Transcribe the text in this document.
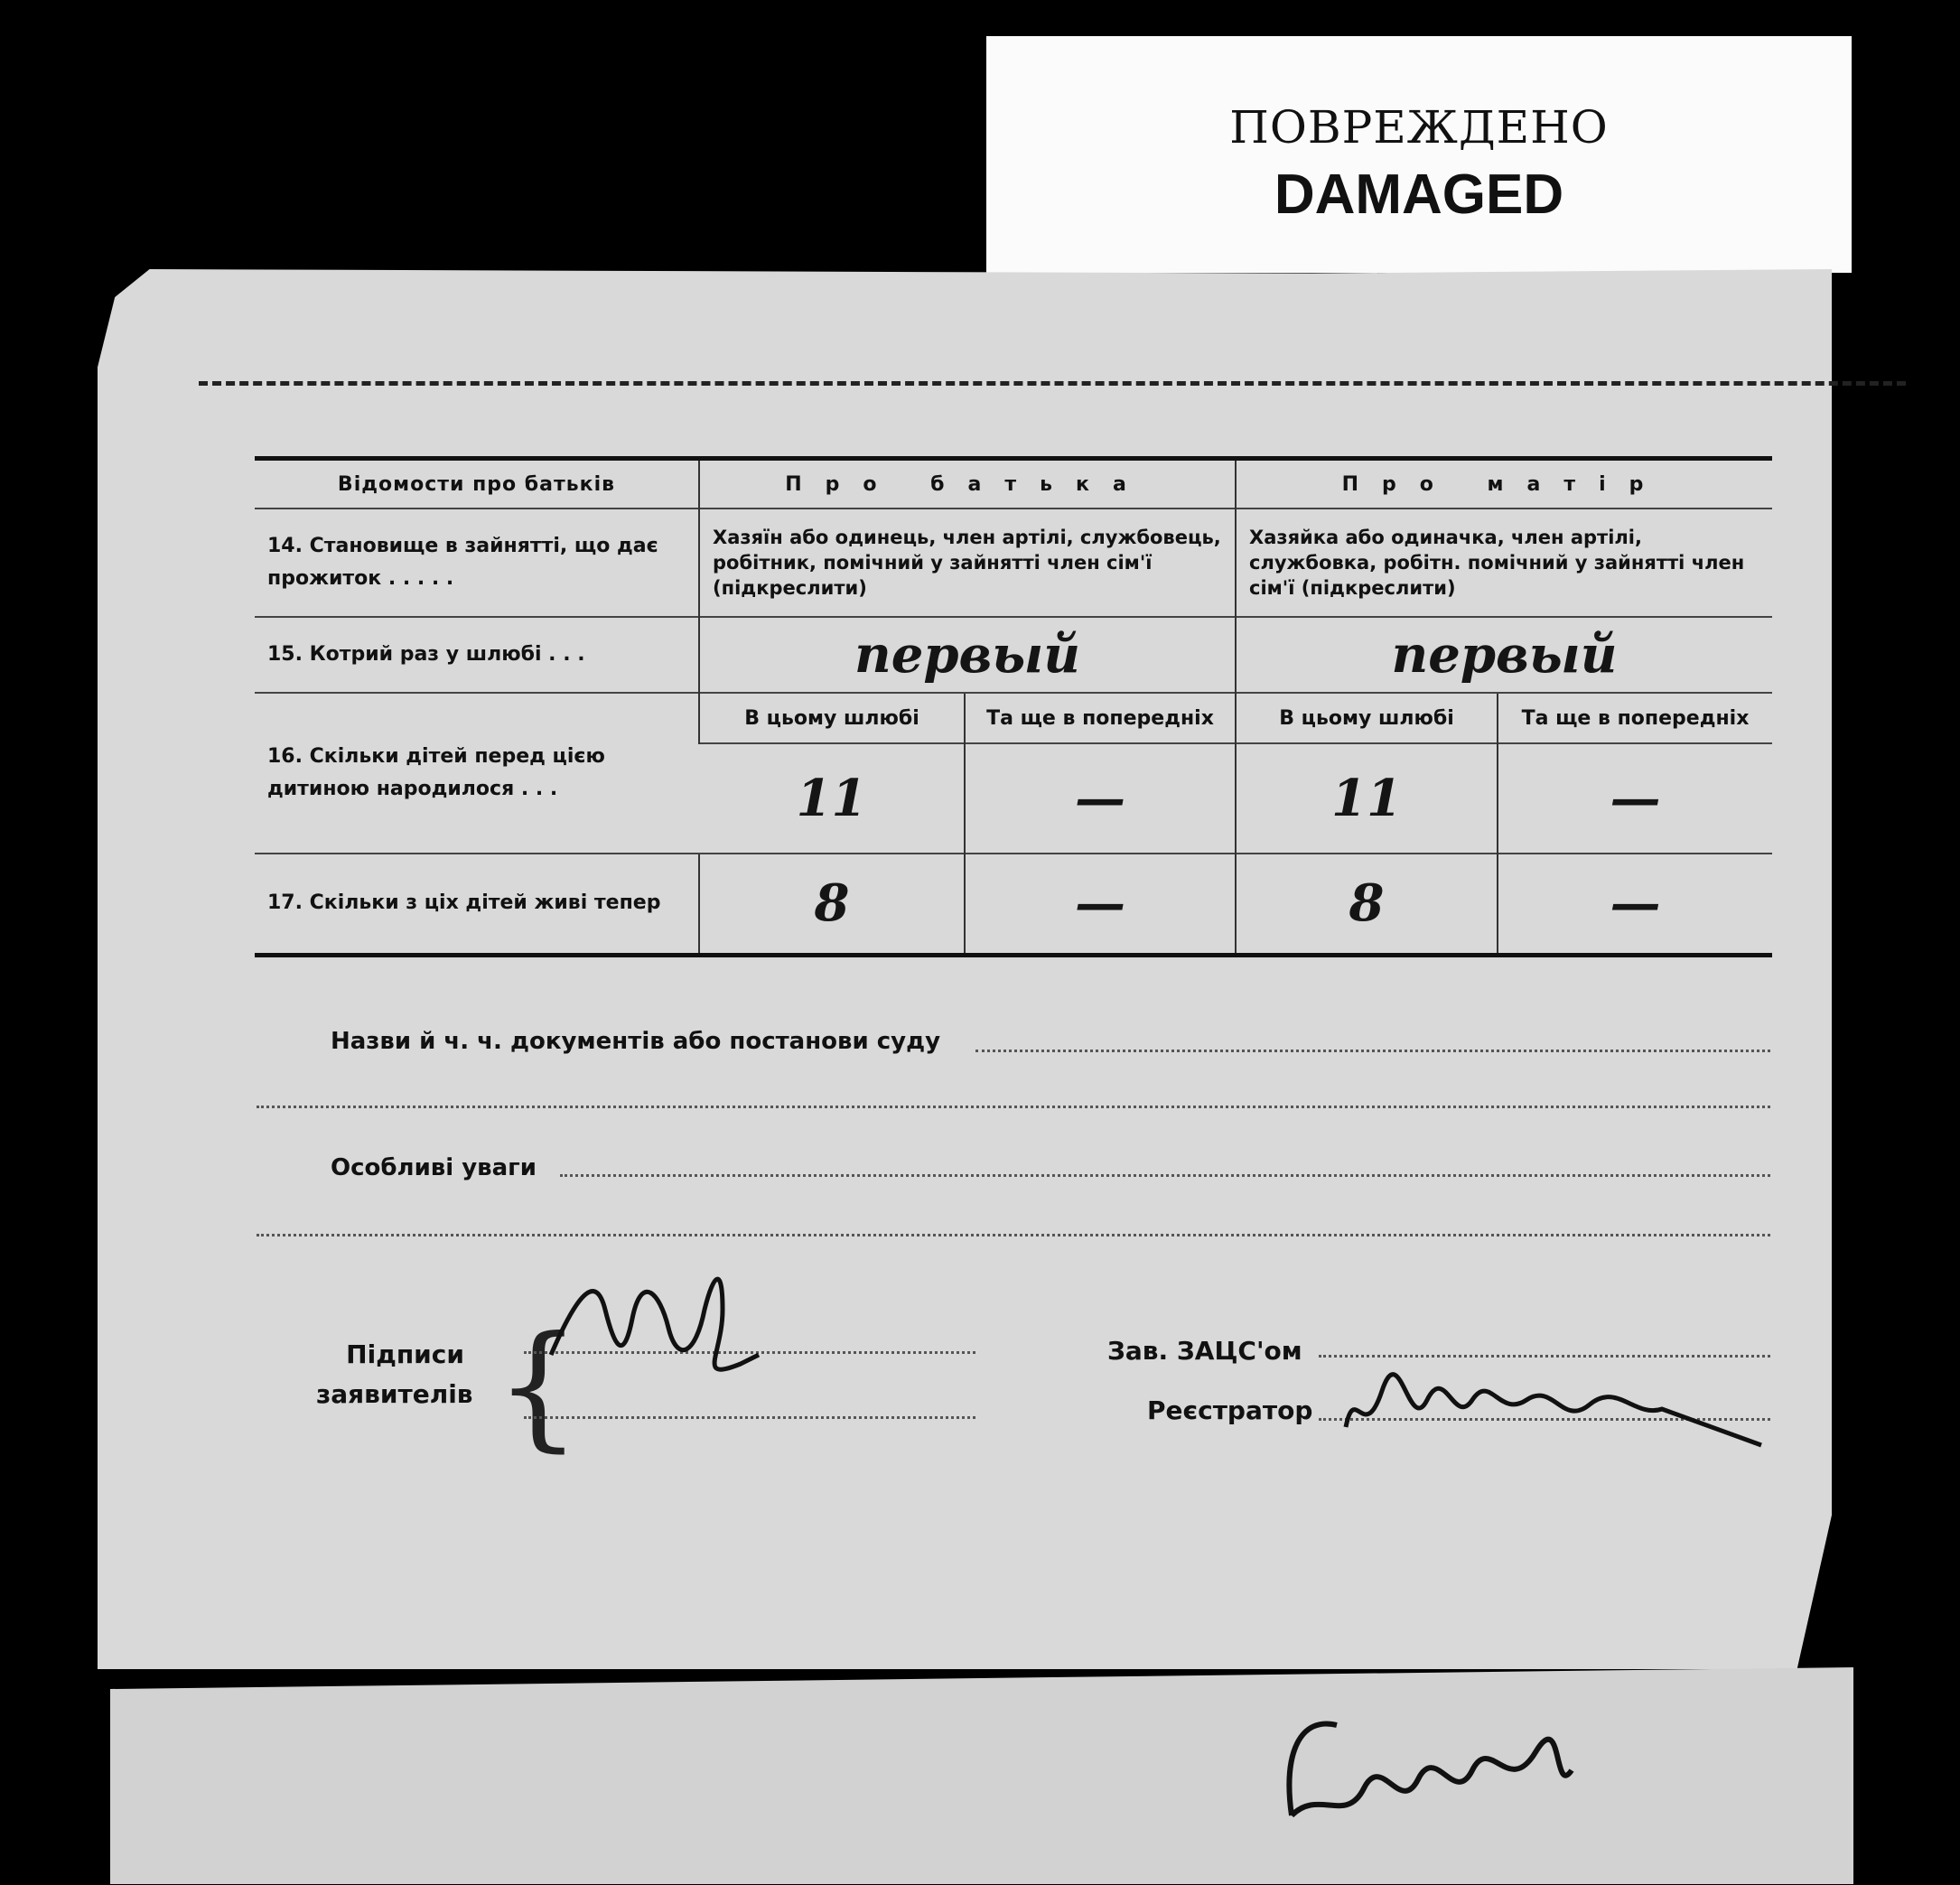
ПОВРЕЖДЕНО
DAMAGED
Відомости про батьків	Про батька		Про матір	
14. Становище в зайнятті, що дає прожиток . . . . .	Хазяїн або одинець, член артілі, службовець, робітник, помічний у зайнятті член сім'ї (підкреслити)		Хазяйка або одиначка, член артілі, службовка, робітн. помічний у зайнятті член сім'ї (підкреслити)	
15. Котрий раз у шлюбі . . .	первый		первый	
16. Скільки дітей перед цією дитиною народилося . . .	В цьому шлюбі	Та ще в попередніх	В цьому шлюбі	Та ще в попередніх
	11	—	11	—
17. Скільки з ціх дітей живі тепер	8	—	8	—
Назви й ч. ч. документів або постанови суду
Особливі уваги
Підписи
заявителів {	Зав. ЗАЦС'ом
Реєстратор
